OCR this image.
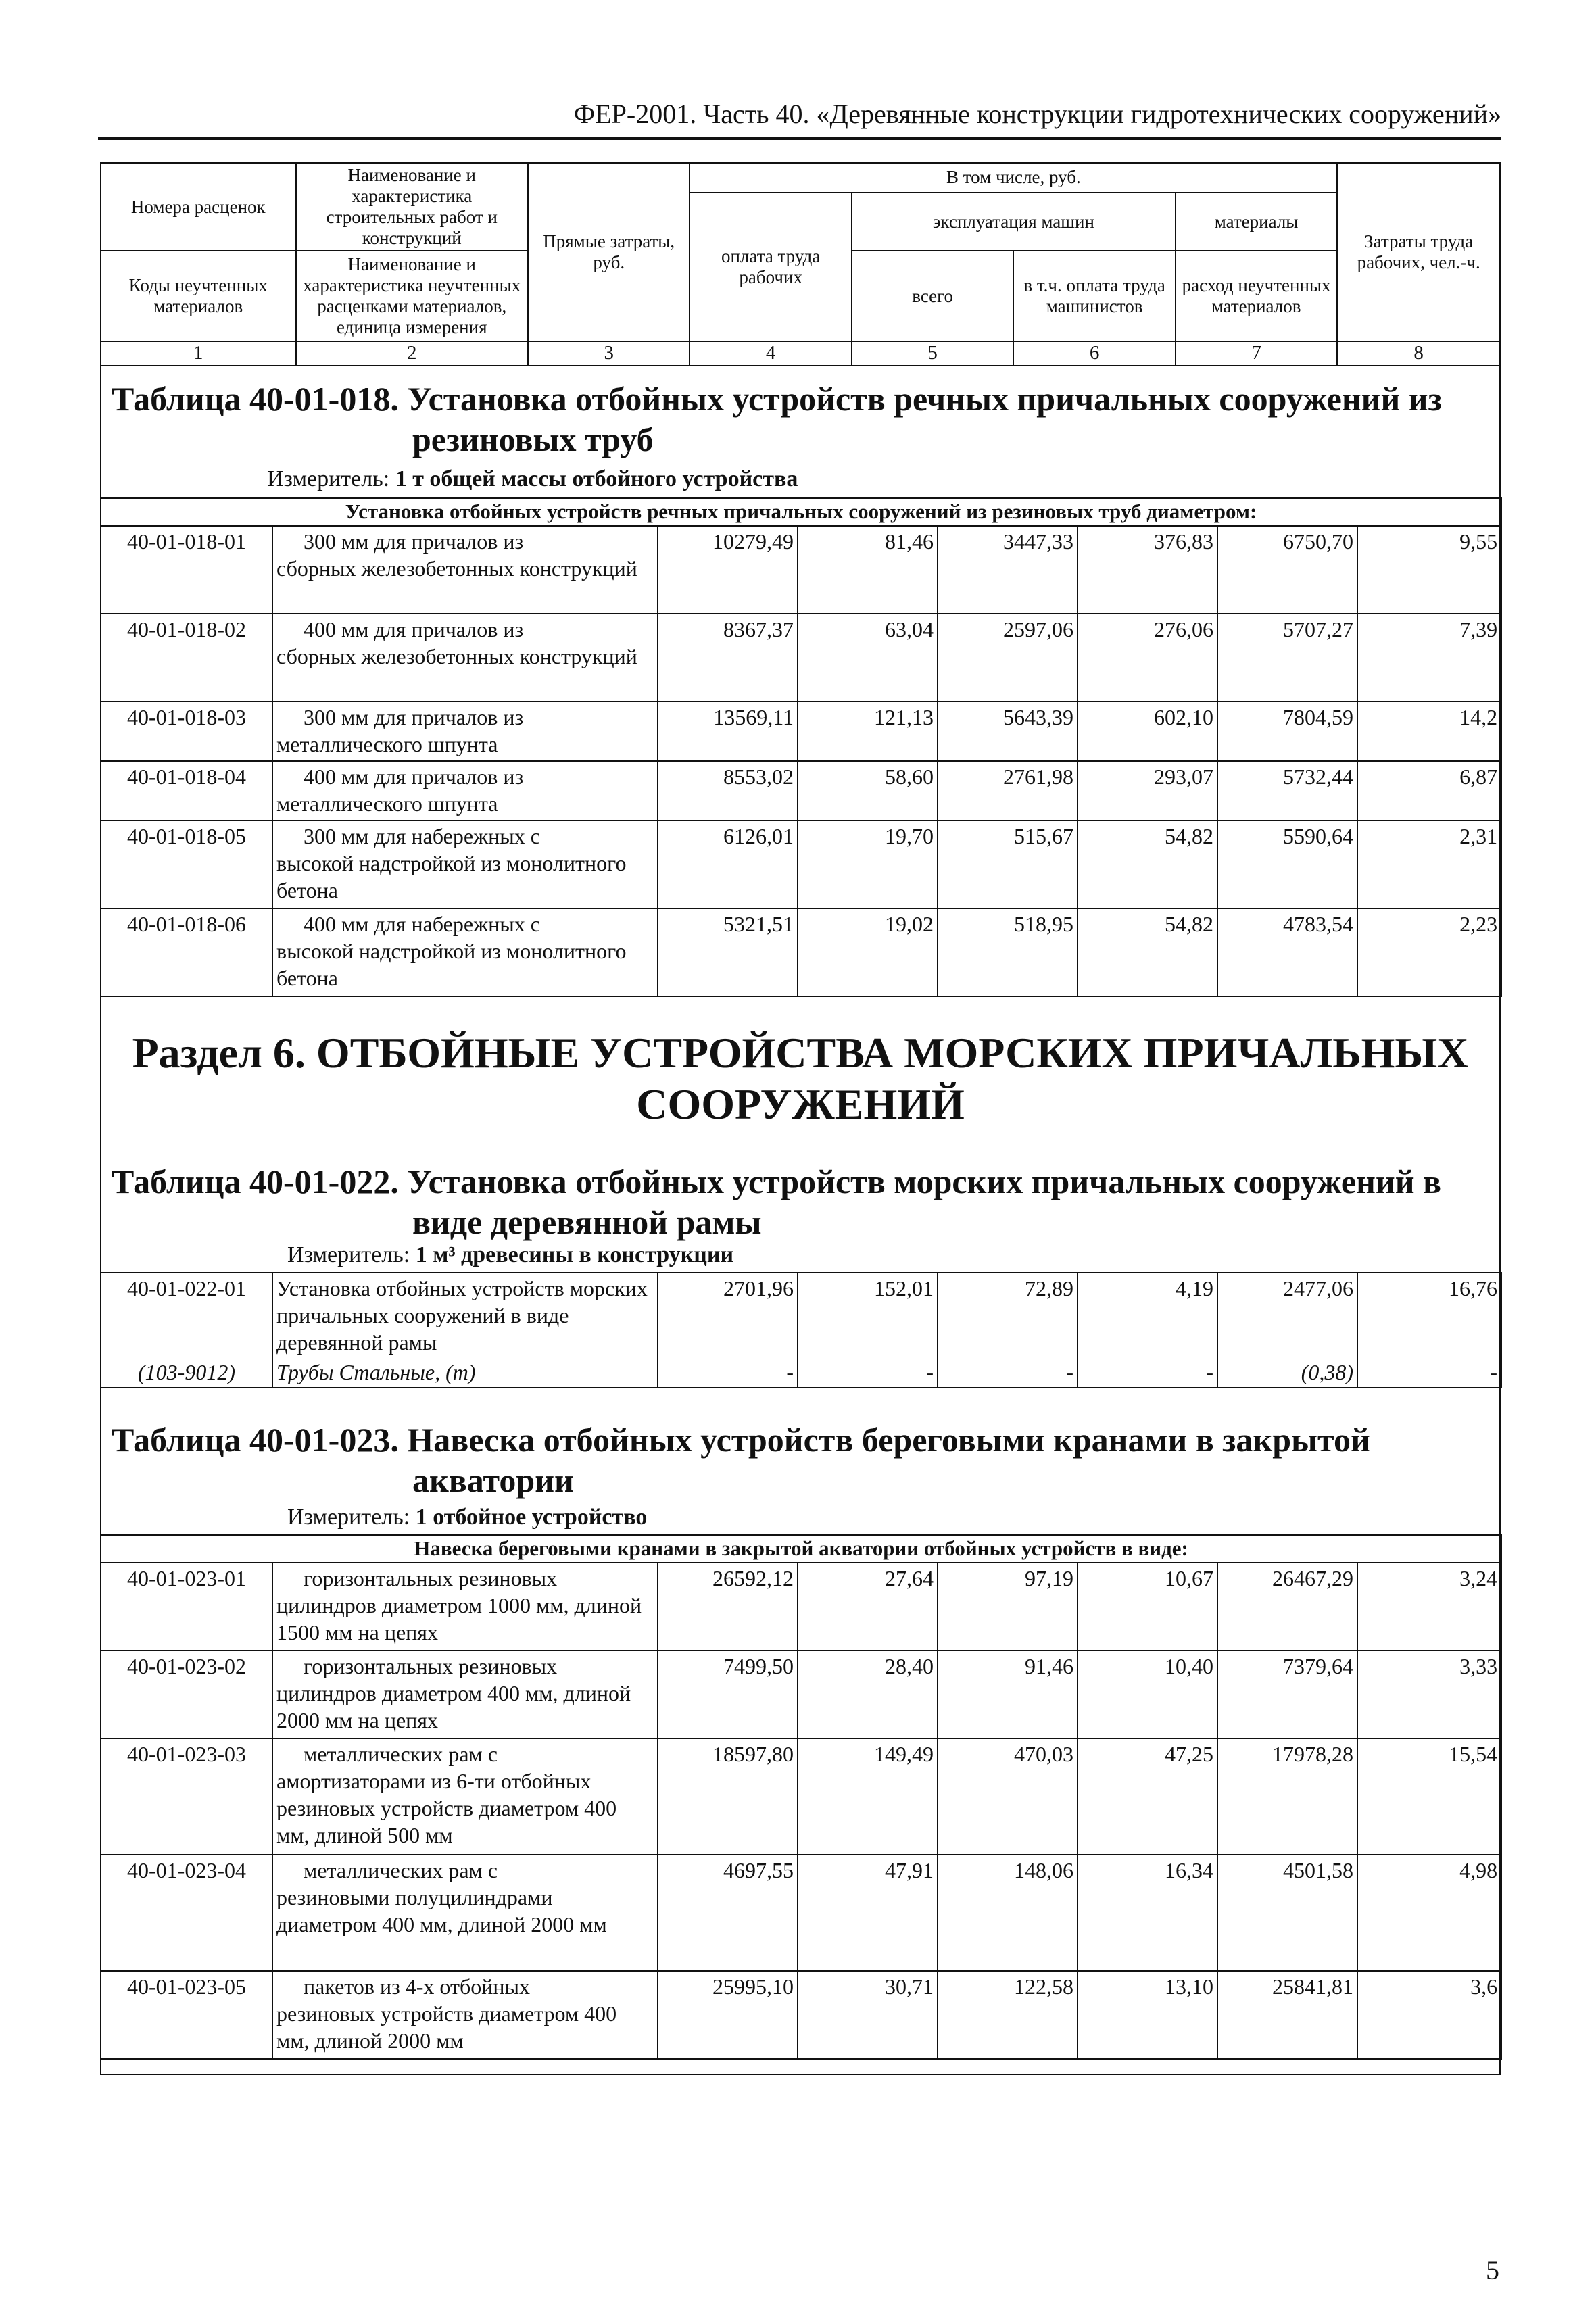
ФЕР-2001. Часть 40. «Деревянные конструкции гидротехнических сооружений»
Номера расценок	Наименование и характеристика строительных работ и конструкций	Прямые затраты, руб.	В том числе, руб.				Затраты труда рабочих, чел.-ч.
			оплата труда рабочих	эксплуатация машин		материалы	
Коды неучтенных материалов	Наименование и характеристика неучтенных расценками материалов, единица измерения			всего	в т.ч. оплата труда машинистов	расход неучтенных материалов	

1	2	3	4	5	6	7	8
Таблица 40-01-018. Установка отбойных устройств речных причальных сооружений из
резиновых труб
Измеритель: 1 т общей массы отбойного устройства
Установка отбойных устройств речных причальных сооружений из резиновых труб диаметром:							
40-01-018-01	300 мм для причалов из
сборных железобетонных конструкций	10279,49	81,46	3447,33	376,83	6750,70	9,55
40-01-018-02	400 мм для причалов из
сборных железобетонных конструкций	8367,37	63,04	2597,06	276,06	5707,27	7,39
40-01-018-03	300 мм для причалов из
металлического шпунта	13569,11	121,13	5643,39	602,10	7804,59	14,2
40-01-018-04	400 мм для причалов из
металлического шпунта	8553,02	58,60	2761,98	293,07	5732,44	6,87
40-01-018-05	300 мм для набережных с
высокой надстройкой из монолитного бетона	6126,01	19,70	515,67	54,82	5590,64	2,31
40-01-018-06	400 мм для набережных с
высокой надстройкой из монолитного бетона	5321,51	19,02	518,95	54,82	4783,54	2,23
Раздел 6. ОТБОЙНЫЕ УСТРОЙСТВА МОРСКИХ ПРИЧАЛЬНЫХ
СООРУЖЕНИЙ
Таблица 40-01-022. Установка отбойных устройств морских причальных сооружений в
виде деревянной рамы
Измеритель: 1 м³ древесины в конструкции
40-01-022-01	Установка отбойных устройств морских причальных сооружений в виде деревянной рамы	2701,96	152,01	72,89	4,19	2477,06	16,76
(103-9012)	Трубы Стальные, (т)	-	-	-	-	(0,38)	-
Таблица 40-01-023. Навеска отбойных устройств береговыми кранами в закрытой
акватории
Измеритель: 1 отбойное устройство
Навеска береговыми кранами в закрытой акватории отбойных устройств в виде:							
40-01-023-01	горизонтальных резиновых
цилиндров диаметром 1000 мм, длиной 1500 мм на цепях	26592,12	27,64	97,19	10,67	26467,29	3,24
40-01-023-02	горизонтальных резиновых
цилиндров диаметром 400 мм, длиной 2000 мм на цепях	7499,50	28,40	91,46	10,40	7379,64	3,33
40-01-023-03	металлических рам с
амортизаторами из 6-ти отбойных резиновых устройств диаметром 400 мм, длиной 500 мм	18597,80	149,49	470,03	47,25	17978,28	15,54
40-01-023-04	металлических рам с
резиновыми полуцилиндрами диаметром 400 мм, длиной 2000 мм	4697,55	47,91	148,06	16,34	4501,58	4,98
40-01-023-05	пакетов из 4-х отбойных
резиновых устройств диаметром 400 мм, длиной 2000 мм	25995,10	30,71	122,58	13,10	25841,81	3,6
5
